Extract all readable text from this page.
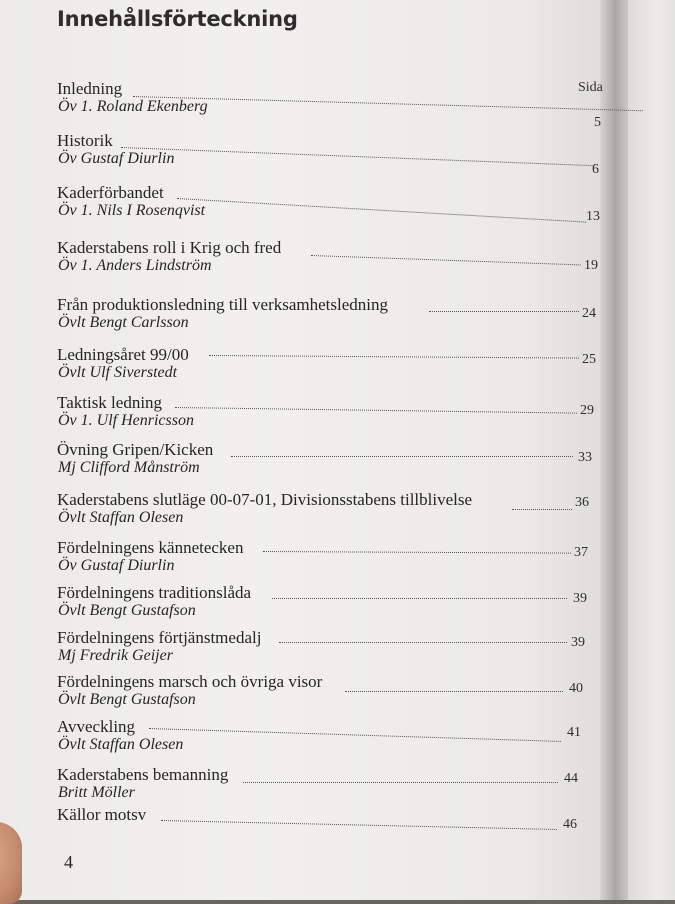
Innehållsförteckning
Sida
Inledning
Öv 1. Roland Ekenberg
5
Historik
Öv Gustaf Diurlin
6
Kaderförbandet
Öv 1. Nils I Rosenqvist	13
Kaderstabens roll i Krig och fred
Öv 1. Anders Lindström	19
Från produktionsledning till verksamhetsledning
Övlt Bengt Carlsson
24
Ledningsåret 99/00
Övlt Ulf Siverstedt
25
Taktisk ledning
Öv 1. Ulf Henricsson
29
Övning Gripen/Kicken
Mj Clifford Månström
33
Kaderstabens slutläge 00-07-01, Divisionsstabens tillblivelse
Övlt Staffan Olesen
36
Fördelningens kännetecken
Öv Gustaf Diurlin
37
Fördelningens traditionslåda
Övlt Bengt Gustafson
39
Fördelningens förtjänstmedalj
Mj Fredrik Geijer
39
Fördelningens marsch och övriga visor
Övlt Bengt Gustafson
40
Avveckling
Övlt Staffan Olesen
41
Kaderstabens bemanning
Britt Möller
44
Källor motsv
46
4
